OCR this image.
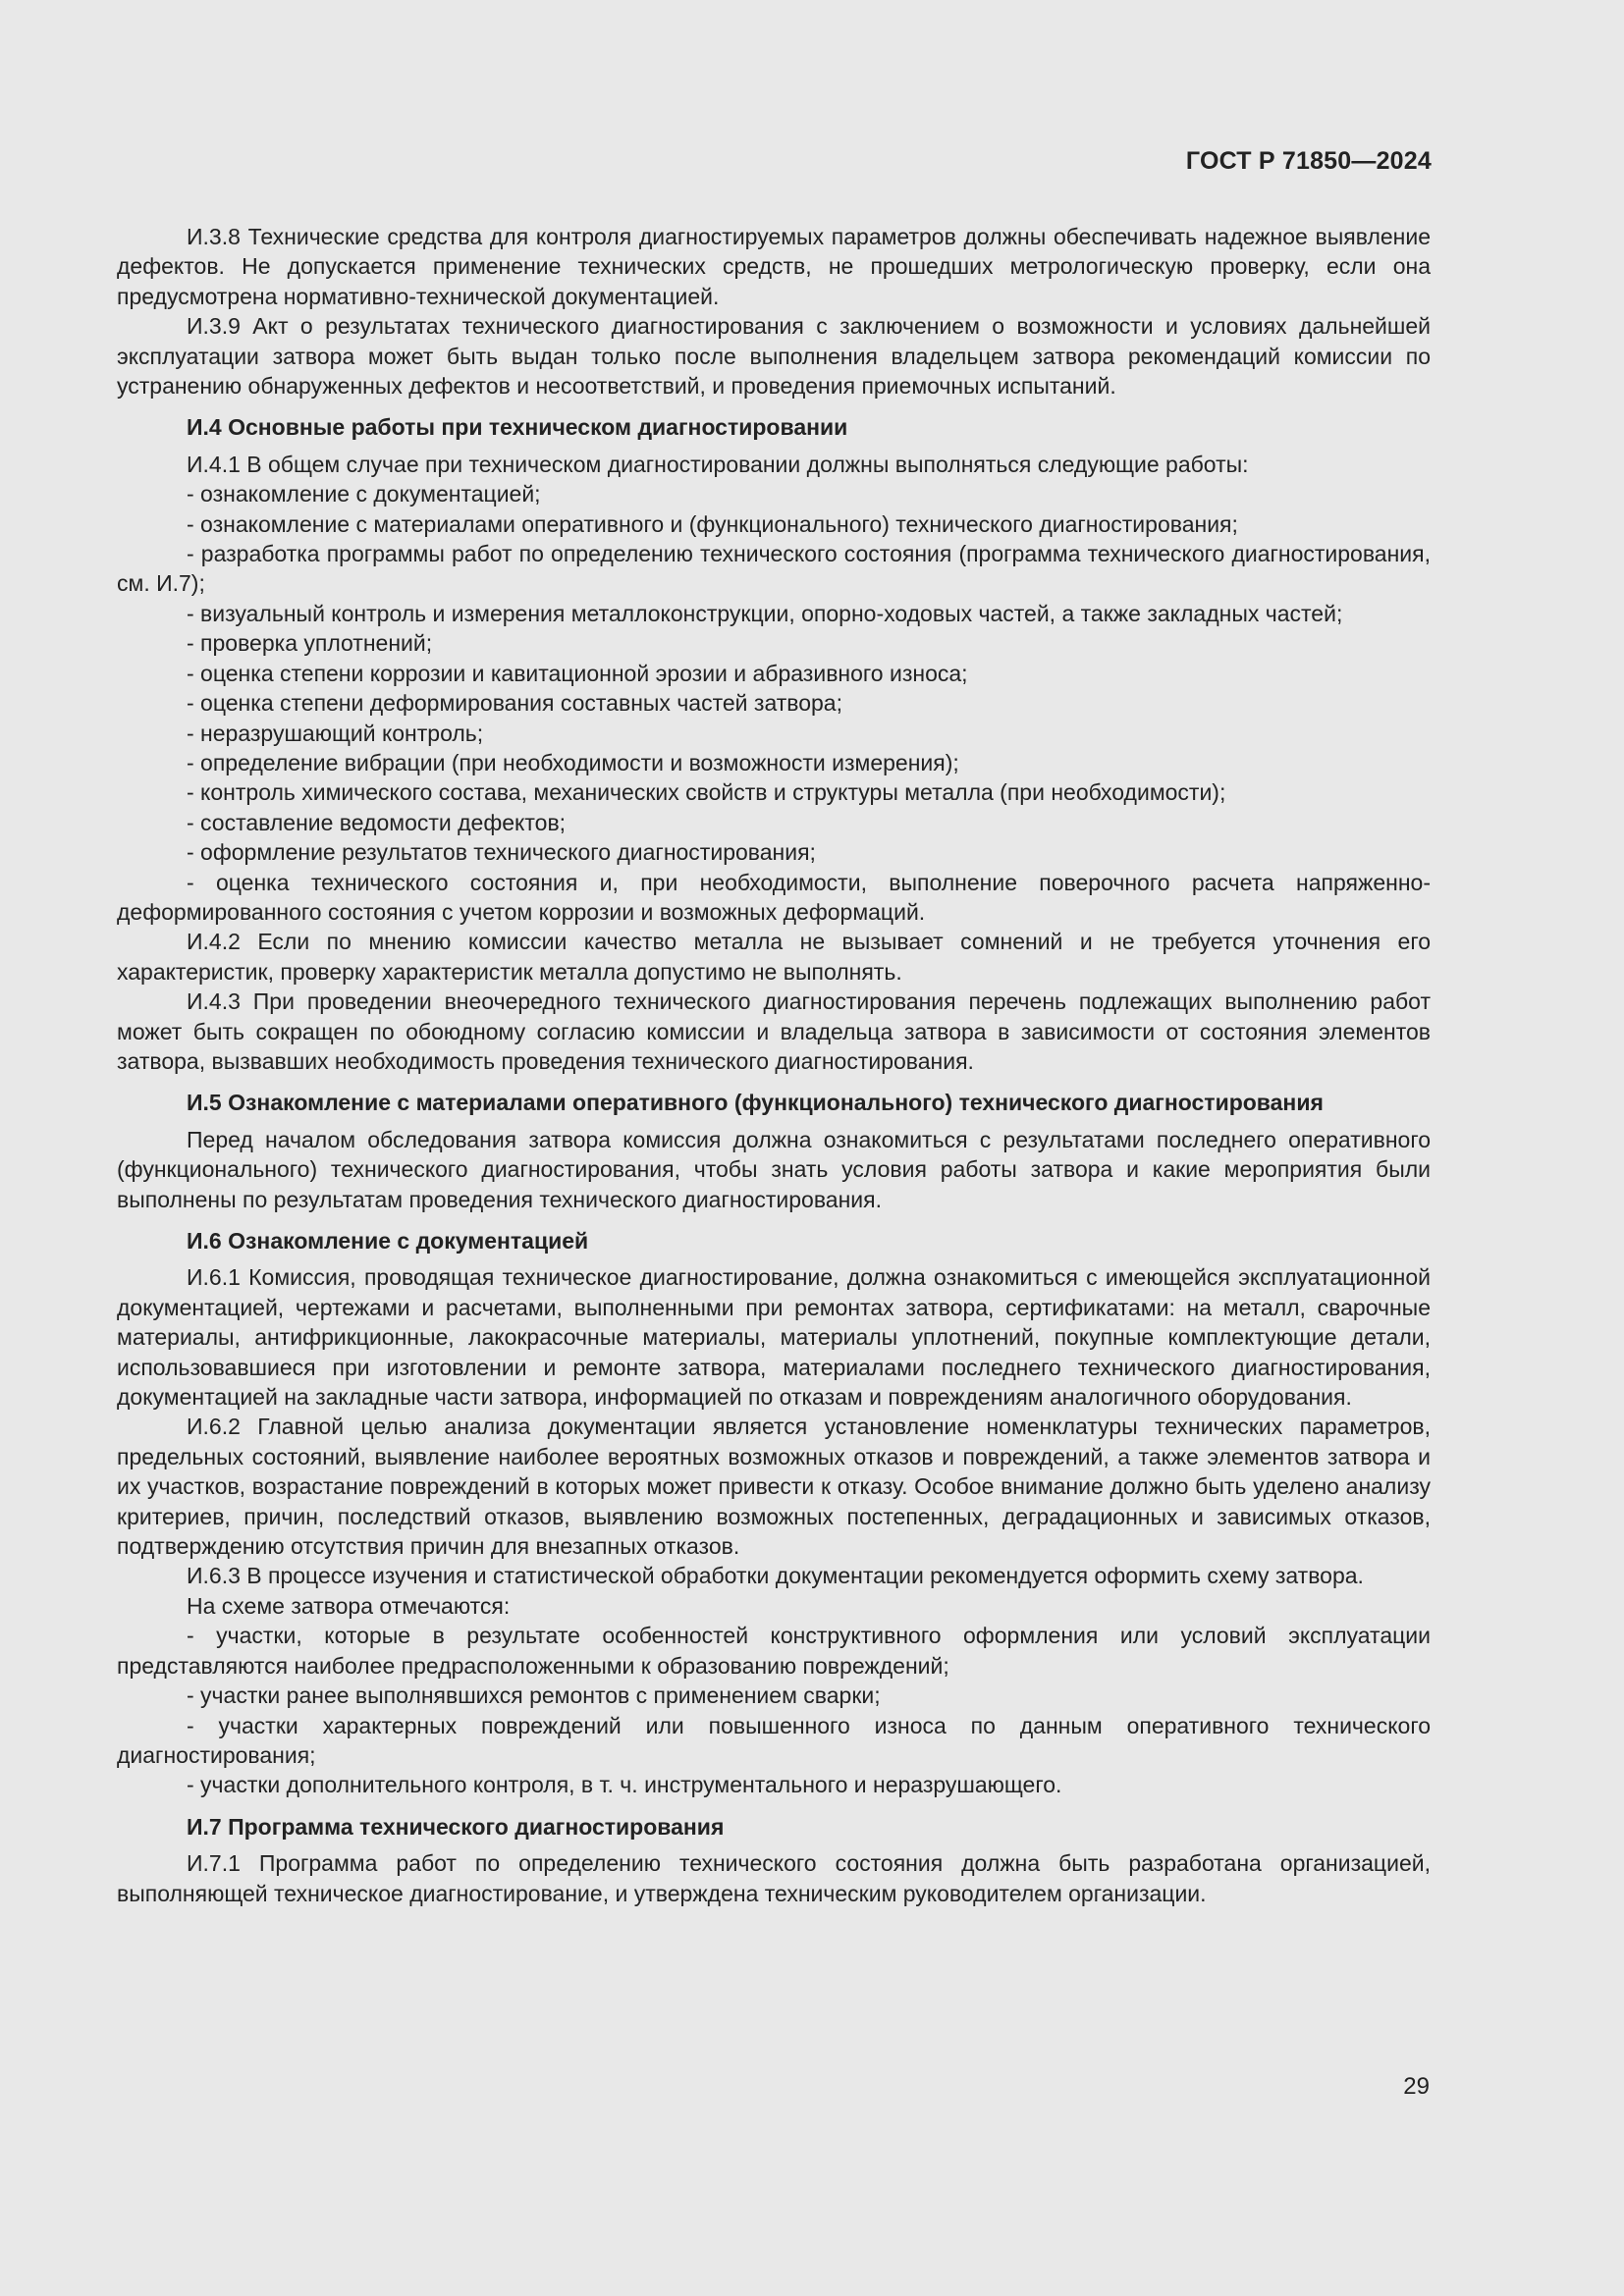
ГОСТ Р 71850—2024

И.3.8 Технические средства для контроля диагностируемых параметров должны обеспечивать надежное выявление дефектов. Не допускается применение технических средств, не прошедших метрологическую проверку, если она предусмотрена нормативно-технической документацией.

И.3.9 Акт о результатах технического диагностирования с заключением о возможности и условиях дальнейшей эксплуатации затвора может быть выдан только после выполнения владельцем затвора рекомендаций комиссии по устранению обнаруженных дефектов и несоответствий, и проведения приемочных испытаний.

И.4 Основные работы при техническом диагностировании

И.4.1 В общем случае при техническом диагностировании должны выполняться следующие работы:

- ознакомление с документацией;

- ознакомление с материалами оперативного и (функционального) технического диагностирования;

- разработка программы работ по определению технического состояния (программа технического диагностирования, см. И.7);

- визуальный контроль и измерения металлоконструкции, опорно-ходовых частей, а также закладных частей;

- проверка уплотнений;

- оценка степени коррозии и кавитационной эрозии и абразивного износа;

- оценка степени деформирования составных частей затвора;

- неразрушающий контроль;

- определение вибрации (при необходимости и возможности измерения);

- контроль химического состава, механических свойств и структуры металла (при необходимости);

- составление ведомости дефектов;

- оформление результатов технического диагностирования;

- оценка технического состояния и, при необходимости, выполнение поверочного расчета напряженно-деформированного состояния с учетом коррозии и возможных деформаций.

И.4.2 Если по мнению комиссии качество металла не вызывает сомнений и не требуется уточнения его характеристик, проверку характеристик металла допустимо не выполнять.

И.4.3 При проведении внеочередного технического диагностирования перечень подлежащих выполнению работ может быть сокращен по обоюдному согласию комиссии и владельца затвора в зависимости от состояния элементов затвора, вызвавших необходимость проведения технического диагностирования.

И.5 Ознакомление с материалами оперативного (функционального) технического диагностирования

Перед началом обследования затвора комиссия должна ознакомиться с результатами последнего оперативного (функционального) технического диагностирования, чтобы знать условия работы затвора и какие мероприятия были выполнены по результатам проведения технического диагностирования.

И.6 Ознакомление с документацией

И.6.1 Комиссия, проводящая техническое диагностирование, должна ознакомиться с имеющейся эксплуатационной документацией, чертежами и расчетами, выполненными при ремонтах затвора, сертификатами: на металл, сварочные материалы, антифрикционные, лакокрасочные материалы, материалы уплотнений, покупные комплектующие детали, использовавшиеся при изготовлении и ремонте затвора, материалами последнего технического диагностирования, документацией на закладные части затвора, информацией по отказам и повреждениям аналогичного оборудования.

И.6.2 Главной целью анализа документации является установление номенклатуры технических параметров, предельных состояний, выявление наиболее вероятных возможных отказов и повреждений, а также элементов затвора и их участков, возрастание повреждений в которых может привести к отказу. Особое внимание должно быть уделено анализу критериев, причин, последствий отказов, выявлению возможных постепенных, деградационных и зависимых отказов, подтверждению отсутствия причин для внезапных отказов.

И.6.3 В процессе изучения и статистической обработки документации рекомендуется оформить схему затвора.

На схеме затвора отмечаются:

- участки, которые в результате особенностей конструктивного оформления или условий эксплуатации представляются наиболее предрасположенными к образованию повреждений;

- участки ранее выполнявшихся ремонтов с применением сварки;

- участки характерных повреждений или повышенного износа по данным оперативного технического диагностирования;

- участки дополнительного контроля, в т. ч. инструментального и неразрушающего.

И.7 Программа технического диагностирования

И.7.1 Программа работ по определению технического состояния должна быть разработана организацией, выполняющей техническое диагностирование, и утверждена техническим руководителем организации.

29
